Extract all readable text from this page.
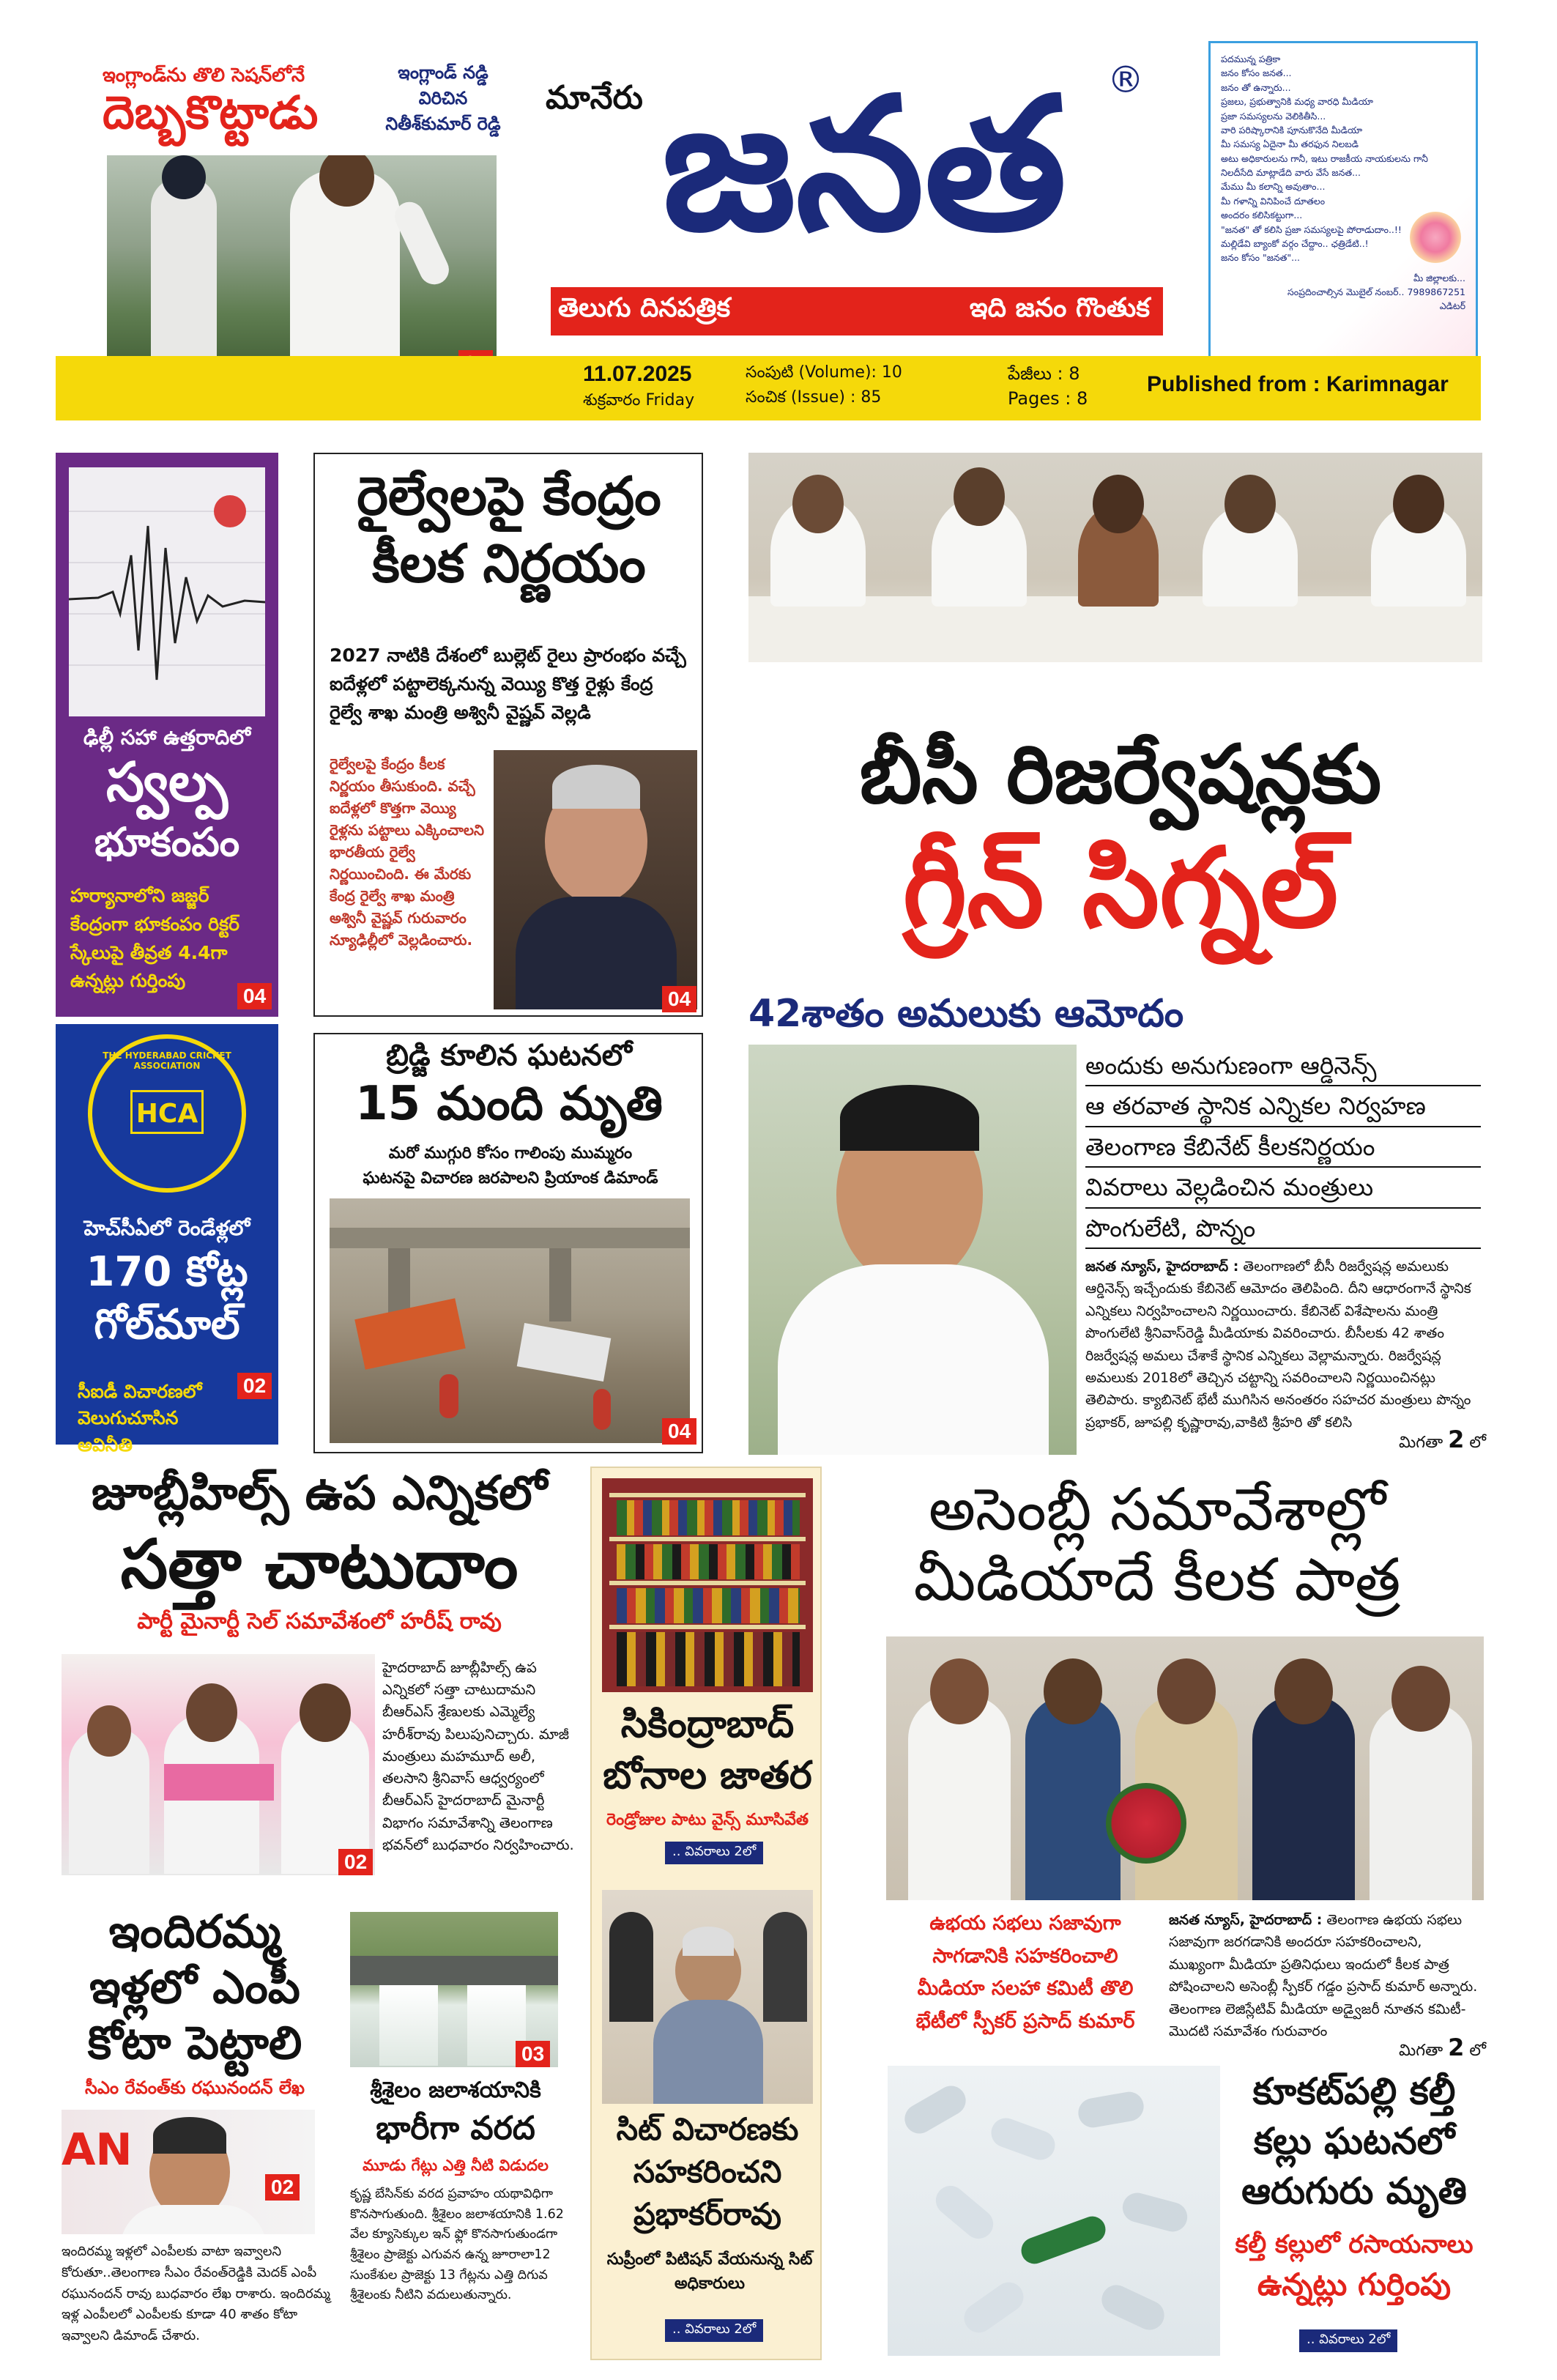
ఇంగ్లాండ్‌ను తొలి సెషన్‌లోనే
దెబ్బకొట్టాడు
ఇంగ్లాండ్ నడ్డి విరిచిన నితీశ్‌కుమార్ రెడ్డి
మానేరు జనత	®
తెలుగు దినపత్రిక	ఇది జనం గొంతుక
పదమున్న పత్రికా
జనం కోసం జనత...
జనం తో ఉన్నారు...
ప్రజలు, ప్రభుత్వానికి మధ్య వారధి మీడియా
ప్రజా సమస్యలను వెలికితీసి...
వారి పరిష్కారానికి పూనుకొనేది మీడియా
మీ సమస్య ఏదైనా మీ తరఫున నిలబడి
అటు అధికారులను గానీ, ఇటు రాజకీయ నాయకులను గానీ
నిలదీసేది మాట్లాడేది వారు వేసే జనత...
మేము మీ కలాన్ని అవుతాం...
మీ గళాన్ని వినిపించే దూతలం
అందరం కలిసికట్టుగా...
"జనత" తో కలిసి ప్రజా సమస్యలపై పోరాడుదాం..!!
మల్లిడేవి బ్యాంకో వర్గం చేద్దాం.. ఛత్రిడేటి..!
జనం కోసం "జనత"...
మీ జిల్లాలకు...
సంప్రదించాల్సిన మొబైల్ నంబర్.. 7989867251
ఎడిటర్
11.07.2025
శుక్రవారం Friday
సంపుటి (Volume): 10
సంచిక (Issue) : 85
పేజీలు : 8
Pages : 8
Published from : Karimnagar
ఢిల్లీ సహా ఉత్తరాదిలో
స్వల్ప
భూకంపం
హర్యానాలోని జజ్జర్ కేంద్రంగా భూకంపం రిక్టర్ స్కేలుపై తీవ్రత 4.4గా ఉన్నట్లు గుర్తింపు
04
రైల్వేలపై కేంద్రం
కీలక నిర్ణయం
2027 నాటికి దేశంలో బుల్లెట్ రైలు ప్రారంభం వచ్చే ఐదేళ్లలో పట్టాలెక్కనున్న వెయ్యి కొత్త రైళ్లు కేంద్ర రైల్వే శాఖ మంత్రి అశ్వినీ వైష్ణవ్ వెల్లడి
రైల్వేలపై కేంద్రం కీలక నిర్ణయం తీసుకుంది. వచ్చే ఐదేళ్లలో కొత్తగా వెయ్యి రైళ్లను పట్టాలు ఎక్కించాలని భారతీయ రైల్వే నిర్ణయించింది. ఈ మేరకు కేంద్ర రైల్వే శాఖ మంత్రి అశ్వినీ వైష్ణవ్ గురువారం న్యూఢిల్లీలో వెల్లడించారు.
04
బీసీ రిజర్వేషన్లకు
గ్రీన్ సిగ్నల్
42శాతం అమలుకు ఆమోదం
అందుకు అనుగుణంగా ఆర్డినెన్స్
ఆ తరవాత స్థానిక ఎన్నికల నిర్వహణ
తెలంగాణ కేబినేట్ కీలకనిర్ణయం
వివరాలు వెల్లడించిన మంత్రులు
పొంగులేటి, పొన్నం
జనత న్యూస్, హైదరాబాద్ : తెలంగాణలో బీసీ రిజర్వేషన్ల అమలుకు ఆర్డినెన్స్ ఇచ్చేందుకు కేబినెట్ ఆమోదం తెలిపింది. దీని ఆధారంగానే స్థానిక ఎన్నికలు నిర్వహించాలని నిర్ణయించారు. కేబినెట్ విశేషాలను మంత్రి పొంగులేటి శ్రీనివాస్‌రెడ్డి మీడియాకు వివరించారు. బీసీలకు 42 శాతం రిజర్వేషన్ల అమలు చేశాకే స్థానిక ఎన్నికలు వెల్లామన్నారు. రిజర్వేషన్ల అమలుకు 2018లో తెచ్చిన చట్టాన్ని సవరించాలని నిర్ణయించినట్లు తెలిపారు. క్యాబినెట్ భేటీ ముగిసిన అనంతరం సహచర మంత్రులు పొన్నం ప్రభాకర్, జూపల్లి కృష్ణారావు,వాకిటి శ్రీహరి తో కలిసి
మిగతా 2 లో
THE HYDERABAD CRICKET ASSOCIATION
HCA
హెచ్‌సీఏలో రెండేళ్లలో
170 కోట్ల
గోల్‌మాల్
సీఐడీ విచారణలో వెలుగుచూసిన అవినీతి
02
బ్రిడ్జి కూలిన ఘటనలో
15 మంది మృతి
మరో ముగ్గురి కోసం గాలింపు ముమ్మరం
ఘటనపై విచారణ జరపాలని ప్రియాంక డిమాండ్
04
జూబ్లీహిల్స్ ఉప ఎన్నికలో
సత్తా చాటుదాం
పార్టీ మైనార్టీ సెల్ సమావేశంలో హరీష్ రావు
02
హైదరాబాద్ జూబ్లీహిల్స్ ఉప ఎన్నికలో సత్తా చాటుదామని బీఆర్ఎస్ శ్రేణులకు ఎమ్మెల్యే హరీశ్‌రావు పిలుపునిచ్చారు. మాజీ మంత్రులు మహమూద్ అలీ, తలసాని శ్రీనివాస్ ఆధ్వర్యంలో బీఆర్ఎస్ హైదరాబాద్ మైనార్టీ విభాగం సమావేశాన్ని తెలంగాణ భవన్‌లో బుధవారం నిర్వహించారు.
సికింద్రాబాద్
బోనాల జాతర
రెండ్రోజుల పాటు వైన్స్ మూసివేత
.. వివరాలు 2లో
సిట్ విచారణకు
సహకరించని
ప్రభాకర్‌రావు
సుప్రీంలో పిటిషన్ వేయనున్న సిట్ అధికారులు
.. వివరాలు 2లో
అసెంబ్లీ సమావేశాల్లో
మీడియాదే కీలక పాత్ర
ఉభయ సభలు సజావుగా
సాగడానికి సహకరించాలి
మీడియా సలహా కమిటీ తొలి
భేటీలో స్పీకర్ ప్రసాద్ కుమార్
జనత న్యూస్, హైదరాబాద్ : తెలంగాణ ఉభయ సభలు సజావుగా జరగడానికి అందరూ సహకరించాలని, ముఖ్యంగా మీడియా ప్రతినిధులు ఇందులో కీలక పాత్ర పోషించాలని అసెంబ్లీ స్పీకర్ గడ్డం ప్రసాద్ కుమార్ అన్నారు. తెలంగాణ లెజిస్లేటివ్ మీడియా అడ్వైజరీ నూతన కమిటీ- మొదటి సమావేశం గురువారం
మిగతా 2 లో
ఇందిరమ్మ
ఇళ్లలో ఎంపీ
కోటా పెట్టాలి
సీఎం రేవంత్‌కు రఘునందన్ లేఖ
AN
02
ఇందిరమ్మ ఇళ్లలో ఎంపీలకు వాటా ఇవ్వాలని కోరుతూ..తెలంగాణ సీఎం రేవంత్‌రెడ్డికి మెదక్ ఎంపీ రఘునందన్ రావు బుధవారం లేఖ రాశారు. ఇందిరమ్మ ఇళ్ల ఎంపీలలో ఎంపీలకు కూడా 40 శాతం కోటా ఇవ్వాలని డిమాండ్ చేశారు.
03
శ్రీశైలం జలాశయానికి
భారీగా వరద
మూడు గేట్లు ఎత్తి నీటి విడుదల
కృష్ణ బేసిన్‌కు వరద ప్రవాహం యథావిధిగా కొనసాగుతుంది. శ్రీశైలం జలాశయానికి 1.62 వేల క్యూసెక్కుల ఇన్ ఫ్లో కొనసాగుతుండగా శ్రీశైలం ప్రాజెక్టు ఎగువన ఉన్న జూరాలా12 సుంకేశుల ప్రాజెక్టు 13 గేట్లను ఎత్తి దిగువ శ్రీశైలంకు నీటిని వదులుతున్నారు.
కూకట్‌పల్లి కల్తీ
కల్లు ఘటనలో
ఆరుగురు మృతి
కల్తీ కల్లులో రసాయనాలు
ఉన్నట్లు గుర్తింపు
.. వివరాలు 2లో
